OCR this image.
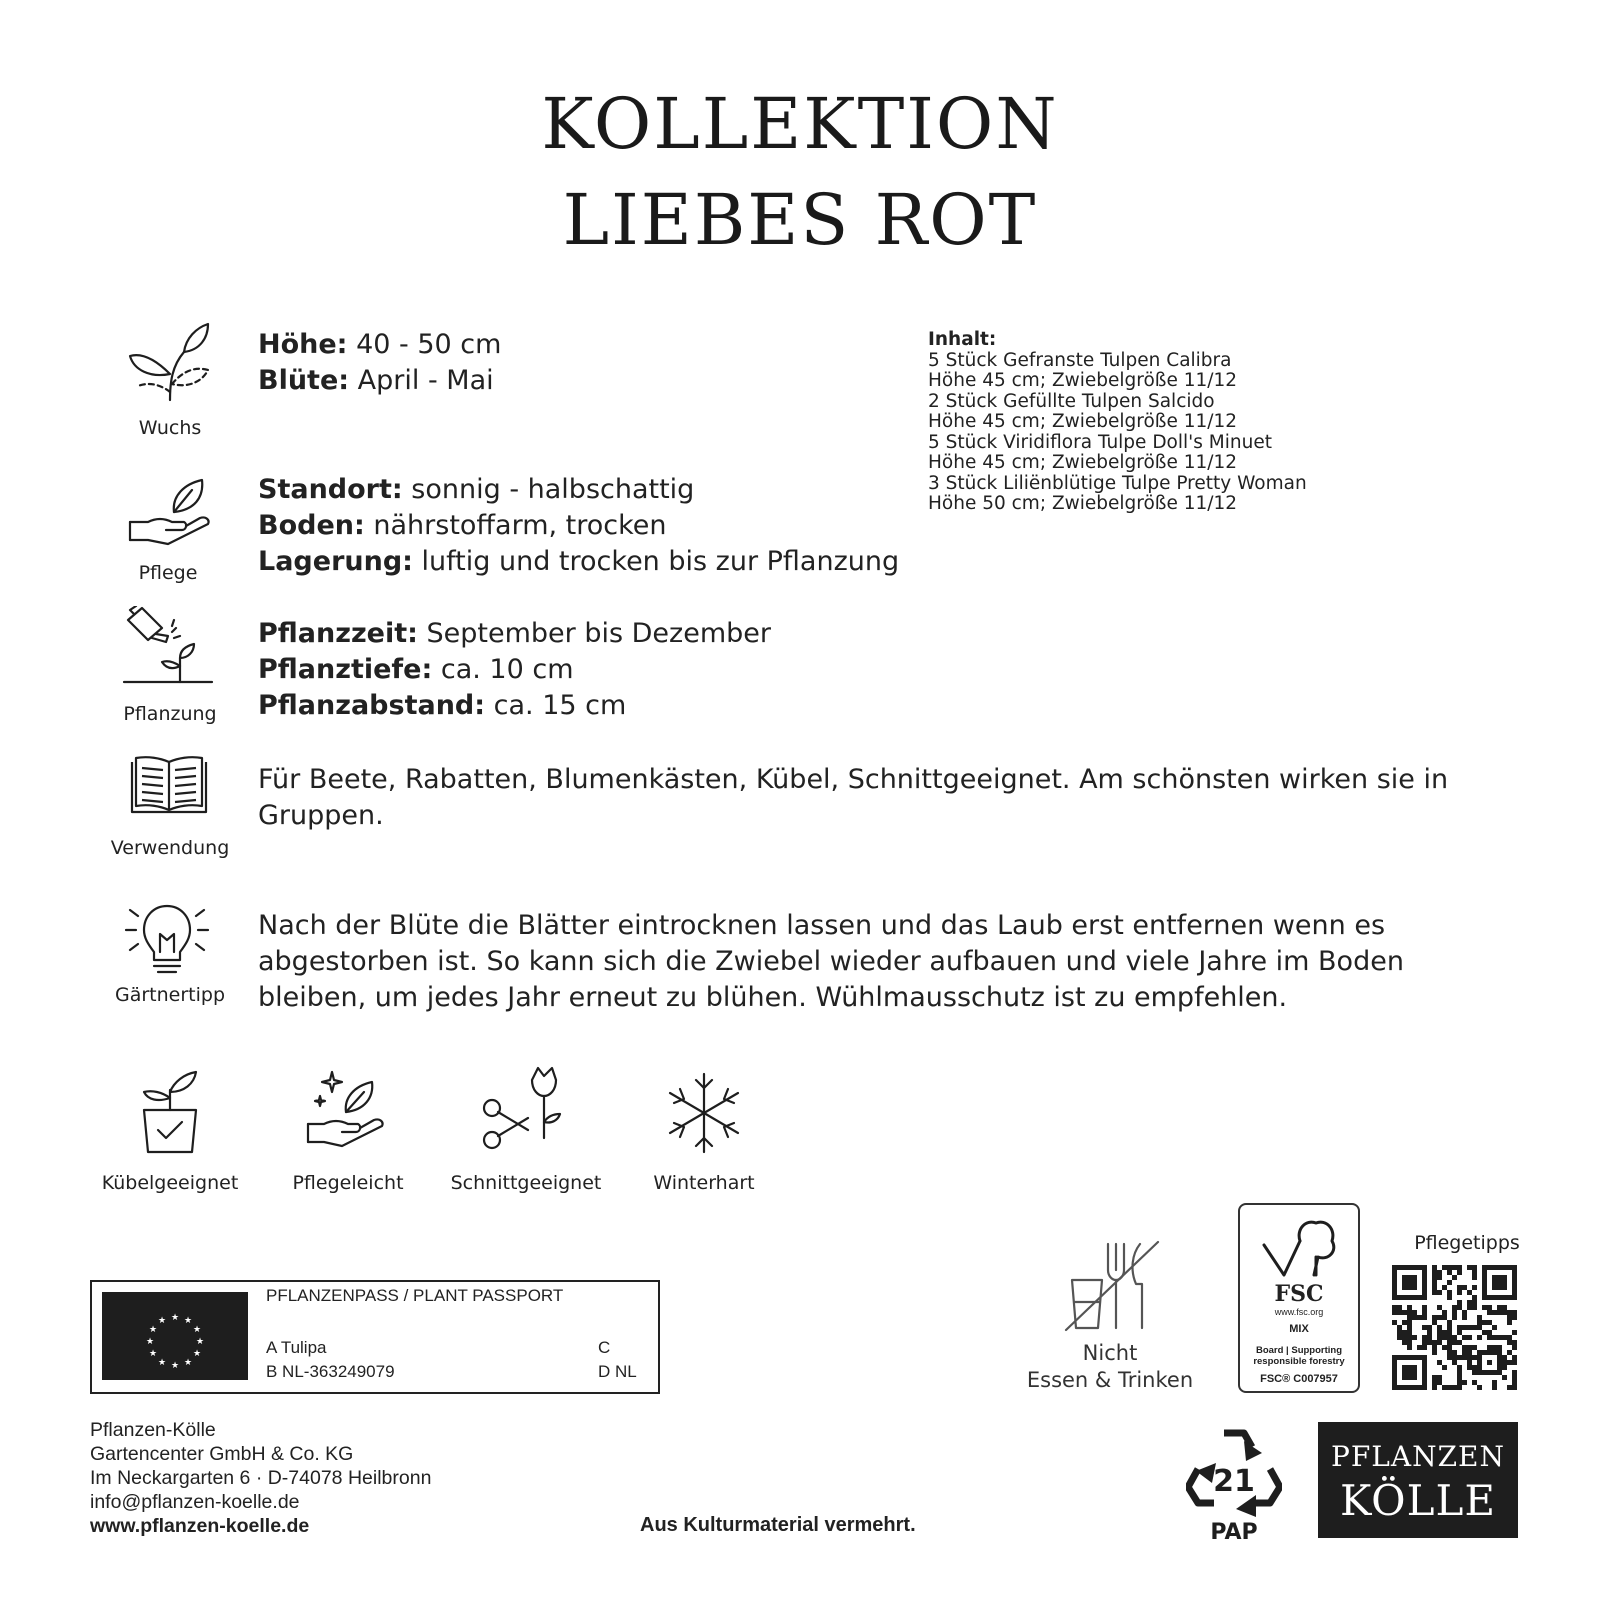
KOLLEKTION
LIEBES ROT
Wuchs
Höhe: 40 - 50 cm
Blüte: April - Mai
Pflege
Standort: sonnig - halbschattig
Boden: nährstoffarm, trocken
Lagerung: luftig und trocken bis zur Pflanzung
Pflanzung
Pflanzzeit: September bis Dezember
Pflanztiefe: ca. 10 cm
Pflanzabstand: ca. 15 cm
Verwendung
Für Beete, Rabatten, Blumenkästen, Kübel, Schnittgeeignet. Am schönsten wirken sie in
Gruppen.
Gärtnertipp
Nach der Blüte die Blätter eintrocknen lassen und das Laub erst entfernen wenn es
abgestorben ist. So kann sich die Zwiebel wieder aufbauen und viele Jahre im Boden
bleiben, um jedes Jahr erneut zu blühen. Wühlmausschutz ist zu empfehlen.
Inhalt:
5 Stück Gefranste Tulpen Calibra
Höhe 45 cm; Zwiebelgröße 11/12
2 Stück Gefüllte Tulpen Salcido
Höhe 45 cm; Zwiebelgröße 11/12
5 Stück Viridiflora Tulpe Doll's Minuet
Höhe 45 cm; Zwiebelgröße 11/12
3 Stück Liliënblütige Tulpe Pretty Woman
Höhe 50 cm; Zwiebelgröße 11/12
Kübelgeeignet	Pflegeleicht	Schnittgeeignet	Winterhart
★ ★
★
★
★
★
★
★
★
★
★
★
PFLANZENPASS / PLANT PASSPORT
A Tulipa
B NL-363249079
C
D NL
Pflanzen-Kölle
Gartencenter GmbH & Co. KG
Im Neckargarten 6 · D-74078 Heilbronn
info@pflanzen-koelle.de
www.pflanzen-koelle.de	Aus Kulturmaterial vermehrt.
Nicht
Essen & Trinken
FSC
www.fsc.org
MIX
Board | Supporting
responsible forestry
FSC® C007957
Pflegetipps
21
PAP
PFLANZEN
KÖLLE
